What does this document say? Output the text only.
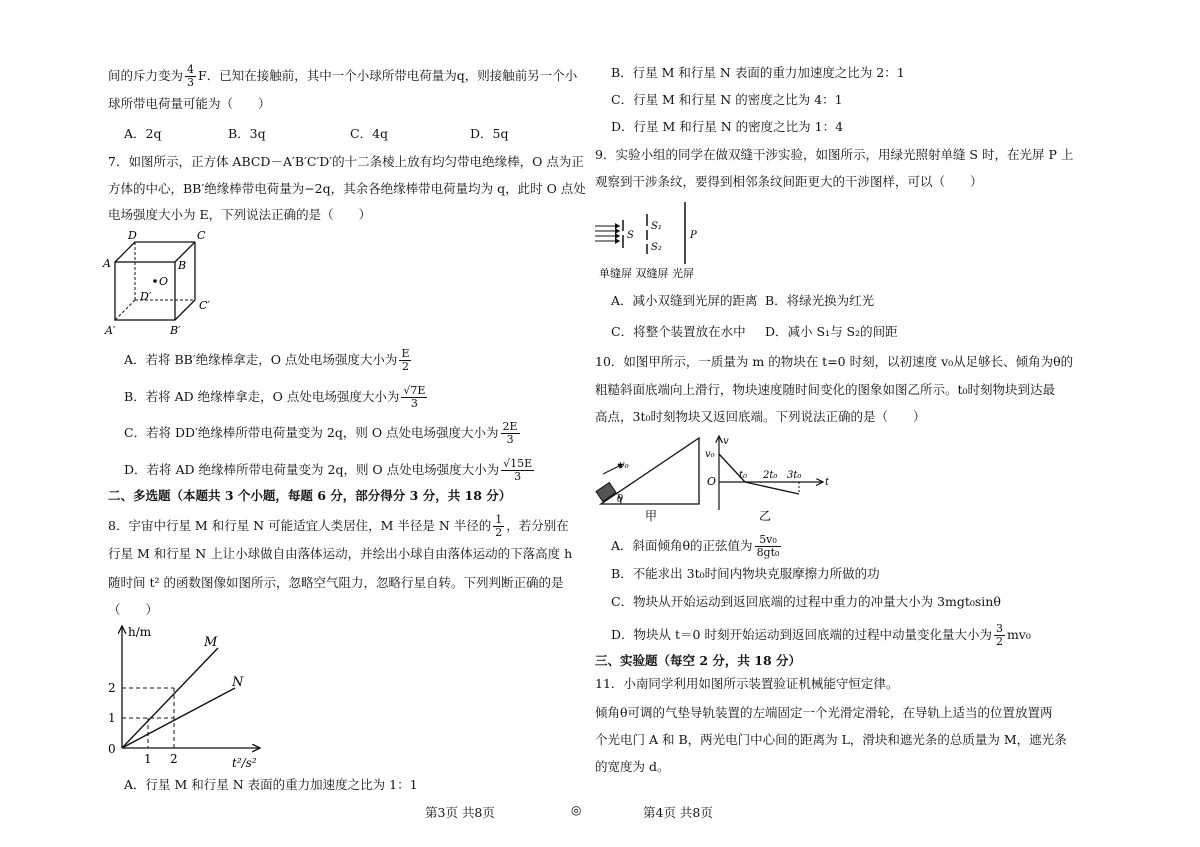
间的斥力变为 $\frac{4}{3}$ F．已知在接触前，其中一个小球所带电荷量为q，则接触前另一个小
球所带电荷量可能为（　　）
A．2q	B．3q	C．4q	D．5q
7．如图所示，正方体 ABCD－A′B′C′D′的十二条棱上放有均匀带电绝缘棒，O 点为正
方体的中心，BB′绝缘棒带电荷量为−2q，其余各绝缘棒带电荷量均为 q，此时 O 点处
电场强度大小为 E，下列说法正确的是（　　）
D	C
A	B
O
D′
C′
A′	B′
A．若将 BB′绝缘棒拿走，O 点处电场强度大小为 $\frac{E}{2}$
B．若将 AD 绝缘棒拿走，O 点处电场强度大小为 $\frac{√7E}{3}$
C．若将 DD′绝缘棒所带电荷量变为 2q，则 O 点处电场强度大小为 $\frac{2E}{3}$
D．若将 AD 绝缘棒所带电荷量变为 2q，则 O 点处电场强度大小为 $\frac{√15E}{3}$
二、多选题（本题共 3 个小题，每题 6 分，部分得分 3 分，共 18 分）
8．宇宙中行星 M 和行星 N 可能适宜人类居住，M 半径是 N 半径的 $\frac{1}{2}$ ，若分别在
行星 M 和行星 N 上让小球做自由落体运动，并绘出小球自由落体运动的下落高度 h
随时间 t² 的函数图像如图所示，忽略空气阻力，忽略行星自转。下列判断正确的是
（　　）
h/m
M
N
2
1
0
1 2	t²/s²
A．行星 M 和行星 N 表面的重力加速度之比为 1：1
第3页 共8页	◎
B．行星 M 和行星 N 表面的重力加速度之比为 2：1
C．行星 M 和行星 N 的密度之比为 4：1
D．行星 M 和行星 N 的密度之比为 1：4
9．实验小组的同学在做双缝干涉实验，如图所示，用绿光照射单缝 S 时，在光屏 P 上
观察到干涉条纹，要得到相邻条纹间距更大的干涉图样，可以（　　）
S
S₁
S₂
P
单缝屏 双缝屏 光屏
A．减小双缝到光屏的距离 B．将绿光换为红光
C．将整个装置放在水中 D．减小 S₁与 S₂的间距
10．如图甲所示，一质量为 m 的物块在 t=0 时刻，以初速度 v₀从足够长、倾角为θ的
粗糙斜面底端向上滑行，物块速度随时间变化的图象如图乙所示。t₀时刻物块到达最
高点，3t₀时刻物块又返回底端。下列说法正确的是（　　）
v₀
θ
甲
v
v₀
O t₀ 2t₀ 3t₀
t
乙
A．斜面倾角θ的正弦值为 $\frac{\text{5v₀}}{\text{8gt₀}}$
B．不能求出 3t₀时间内物块克服摩擦力所做的功
C．物块从开始运动到返回底端的过程中重力的冲量大小为 3mgt₀sinθ
D．物块从 t＝0 时刻开始运动到返回底端的过程中动量变化量大小为 $\frac{3}{2} mv_0$
三、实验题（每空 2 分，共 18 分）
11．小南同学利用如图所示装置验证机械能守恒定律。
倾角θ可调的气垫导轨装置的左端固定一个光滑定滑轮，在导轨上适当的位置放置两
个光电门 A 和 B，两光电门中心间的距离为 L，滑块和遮光条的总质量为 M，遮光条
的宽度为 d。
第4页 共8页
